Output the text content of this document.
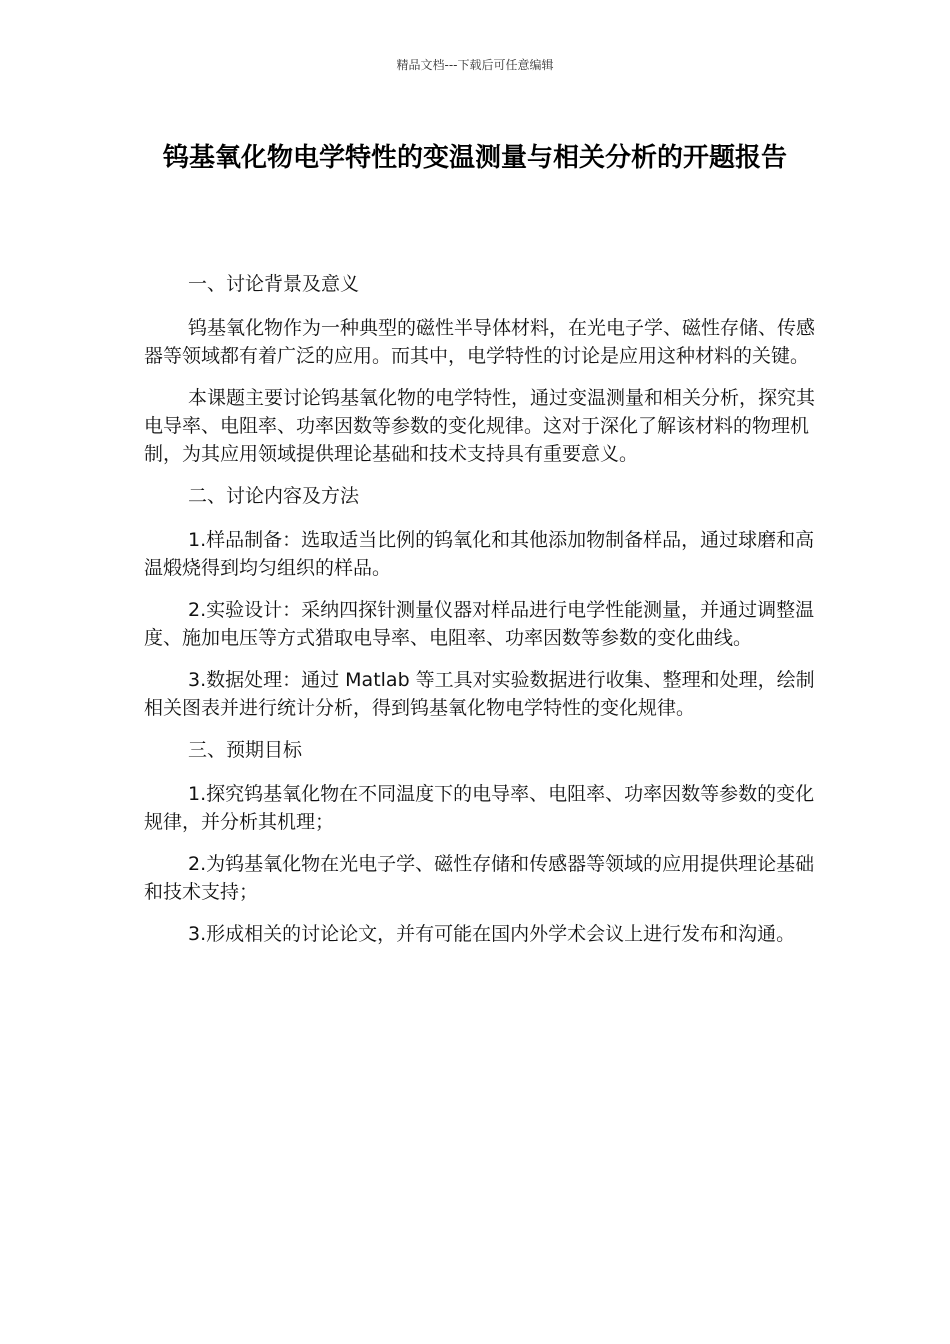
精品文档---下载后可任意编辑
钨基氧化物电学特性的变温测量与相关分析的开题报告

一、讨论背景及意义

钨基氧化物作为一种典型的磁性半导体材料，在光电子学、磁性存储、传感器等领域都有着广泛的应用。而其中，电学特性的讨论是应用这种材料的关键。

本课题主要讨论钨基氧化物的电学特性，通过变温测量和相关分析，探究其电导率、电阻率、功率因数等参数的变化规律。这对于深化了解该材料的物理机制，为其应用领域提供理论基础和技术支持具有重要意义。

二、讨论内容及方法

1.样品制备：选取适当比例的钨氧化和其他添加物制备样品，通过球磨和高温煅烧得到均匀组织的样品。

2.实验设计：采纳四探针测量仪器对样品进行电学性能测量，并通过调整温度、施加电压等方式猎取电导率、电阻率、功率因数等参数的变化曲线。

3.数据处理：通过 Matlab 等工具对实验数据进行收集、整理和处理，绘制相关图表并进行统计分析，得到钨基氧化物电学特性的变化规律。

三、预期目标

1.探究钨基氧化物在不同温度下的电导率、电阻率、功率因数等参数的变化规律，并分析其机理；

2.为钨基氧化物在光电子学、磁性存储和传感器等领域的应用提供理论基础和技术支持；

3.形成相关的讨论论文，并有可能在国内外学术会议上进行发布和沟通。
